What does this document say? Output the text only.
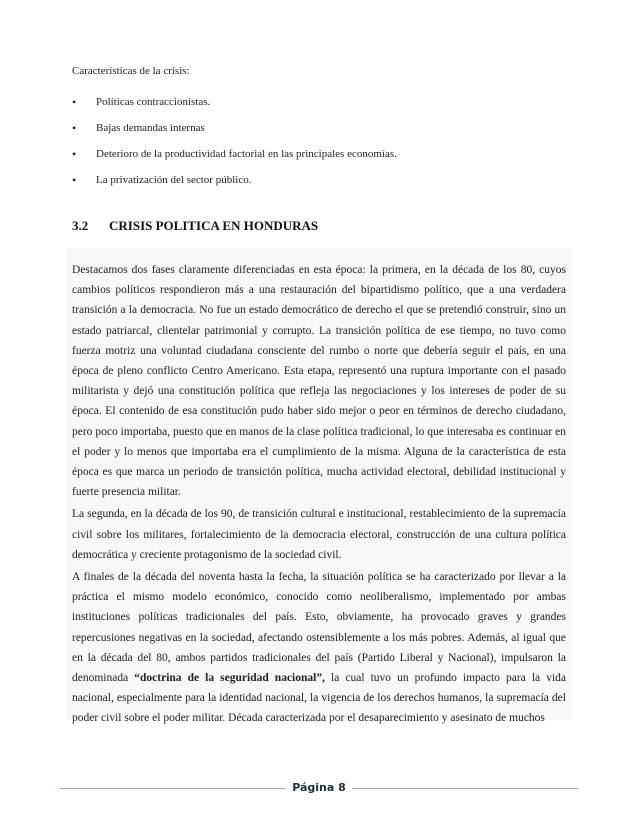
Características de la crisis:
• Políticas contraccionistas.
• Bajas demandas internas
• Deterioro de la productividad factorial en las principales economías.
• La privatización del sector público.
3.2 CRISIS POLITICA EN HONDURAS

Destacamos dos fases claramente diferenciadas en esta época: la primera, en la década de los 80, cuyos cambios políticos respondieron más a una restauración del bipartidismo político, que a una verdadera transición a la democracia. No fue un estado democrático de derecho el que se pretendió construir, sino un estado patriarcal, clientelar patrimonial y corrupto. La transición política de ese tiempo, no tuvo como fuerza motriz una voluntad ciudadana consciente del rumbo o norte que debería seguir el país, en una época de pleno conflicto Centro Americano. Esta etapa, representó una ruptura importante con el pasado militarista y dejó una constitución política que refleja las negociaciones y los intereses de poder de su época. El contenido de esa constitución pudo haber sido mejor o peor en términos de derecho ciudadano, pero poco importaba, puesto que en manos de la clase política tradicional, lo que interesaba es continuar en el poder y lo menos que importaba era el cumplimiento de la misma. Alguna de la característica de esta época es que marca un periodo de transición política, mucha actividad electoral, debilidad institucional y fuerte presencia militar.

La segunda, en la década de los 90, de transición cultural e institucional, restablecimiento de la supremacía civil sobre los militares, fortalecimiento de la democracia electoral, construcción de una cultura política democrática y creciente protagonismo de la sociedad civil.

A finales de la década del noventa hasta la fecha, la situación política se ha caracterizado por llevar a la práctica el mismo modelo económico, conocido como neoliberalismo, implementado por ambas instituciones políticas tradicionales del país. Esto, obviamente, ha provocado graves y grandes repercusiones negativas en la sociedad, afectando ostensiblemente a los más pobres. Además, al igual que en la década del 80, ambos partidos tradicionales del país (Partido Liberal y Nacional), impulsaron la denominada “doctrina de la seguridad nacional”, la cual tuvo un profundo impacto para la vida nacional, especialmente para la identidad nacional, la vigencia de los derechos humanos, la supremacía del poder civil sobre el poder militar. Década caracterizada por el desaparecimiento y asesinato de muchos

Página 8
